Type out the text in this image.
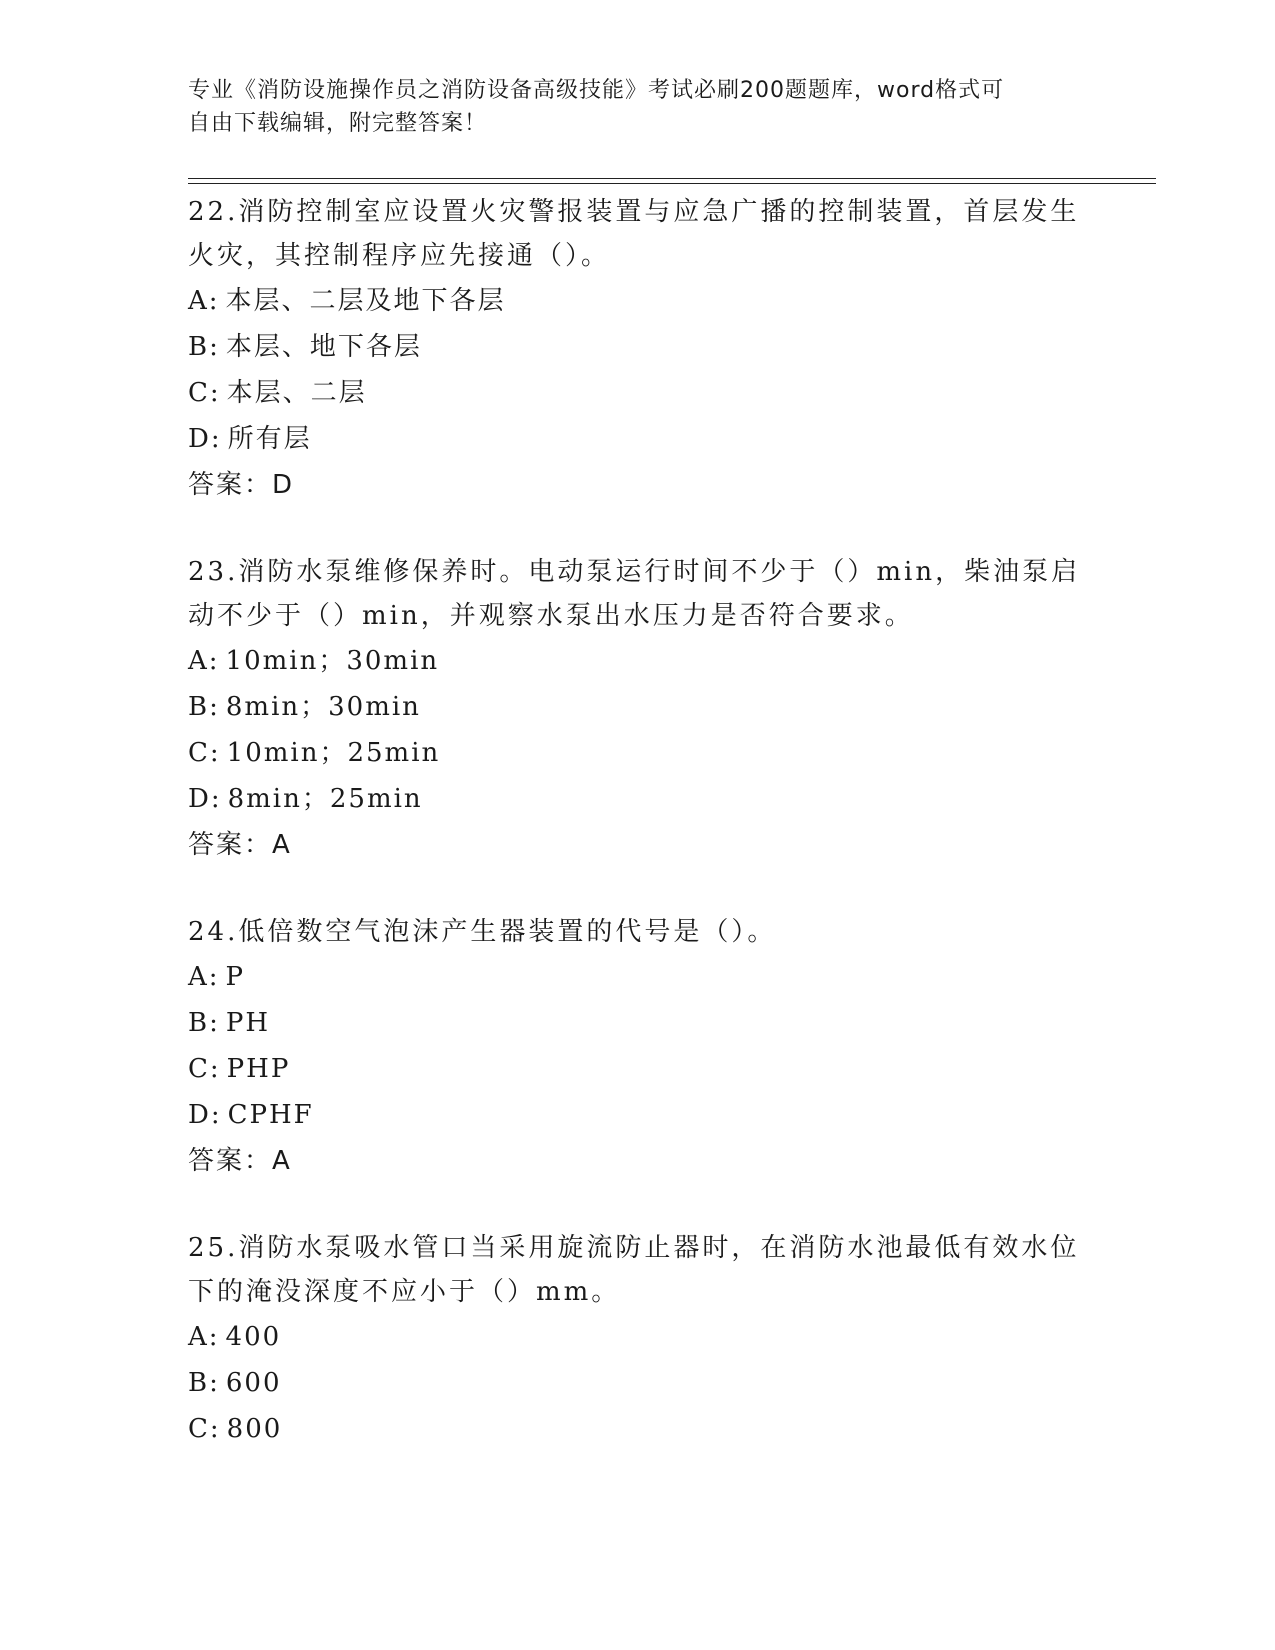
专业《消防设施操作员之消防设备高级技能》考试必刷200题题库，word格式可
自由下载编辑，附完整答案！

22.消防控制室应设置火灾警报装置与应急广播的控制装置，首层发生

火灾，其控制程序应先接通（）。

A: 本层、二层及地下各层
B: 本层、地下各层
C: 本层、二层
D: 所有层
答案：D

23.消防水泵维修保养时。电动泵运行时间不少于（）min，柴油泵启

动不少于（）min，并观察水泵出水压力是否符合要求。

A: 10min；30min
B: 8min；30min
C: 10min；25min
D: 8min；25min
答案：A

24.低倍数空气泡沫产生器装置的代号是（）。

A: P
B: PH
C: PHP
D: CPHF
答案：A

25.消防水泵吸水管口当采用旋流防止器时，在消防水池最低有效水位

下的淹没深度不应小于（）mm。

A: 400
B: 600
C: 800
